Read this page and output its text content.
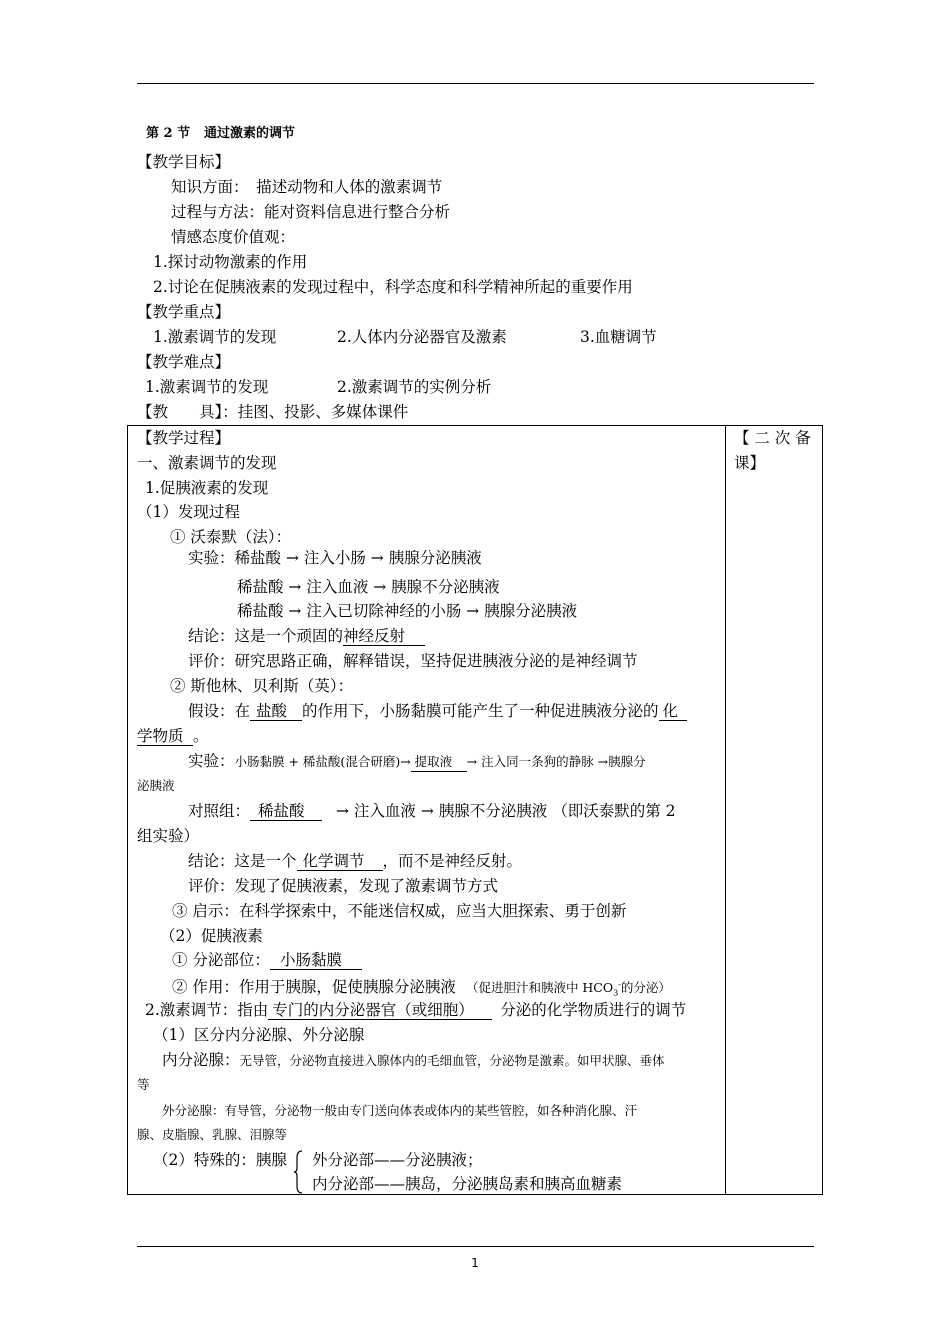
第 2 节 通过激素的调节
【教学目标】
知识方面：　描述动物和人体的激素调节
过程与方法：能对资料信息进行整合分析
情感态度价值观：
1.探讨动物激素的作用
2.讨论在促胰液素的发现过程中，科学态度和科学精神所起的重要作用
【教学重点】
1.激素调节的发现	2.人体内分泌器官及激素	3.血糖调节
【教学难点】
1.激素调节的发现	2.激素调节的实例分析
【教　　具】：挂图、投影、多媒体课件
【 二 次 备
课】
【教学过程】
一、激素调节的发现
1.促胰液素的发现
（1）发现过程
① 沃泰默（法）：
实验：稀盐酸 → 注入小肠 → 胰腺分泌胰液
稀盐酸 → 注入血液 → 胰腺不分泌胰液
稀盐酸 → 注入已切除神经的小肠 → 胰腺分泌胰液
结论：这是一个顽固的神经反射
评价：研究思路正确，解释错误，坚持促进胰液分泌的是神经调节
② 斯他林、贝利斯（英）：
假设：在 盐酸 的作用下，小肠黏膜可能产生了一种促进胰液分泌的 化
学物质 。
实验：小肠黏膜 + 稀盐酸(混合研磨)→ 提取液 → 注入同一条狗的静脉 →胰腺分
泌胰液
对照组： 稀盐酸 → 注入血液 → 胰腺不分泌胰液 （即沃泰默的第 2
组实验）
结论：这是一个 化学调节 ，而不是神经反射。
评价：发现了促胰液素，发现了激素调节方式
③ 启示：在科学探索中，不能迷信权威，应当大胆探索、勇于创新
（2）促胰液素
① 分泌部位： 小肠黏膜
② 作用：作用于胰腺，促使胰腺分泌胰液 （促进胆汁和胰液中 $HCO_3^-$的分泌）
2.激素调节：指由 专门的内分泌器官（或细胞） 分泌的化学物质进行的调节
（1）区分内分泌腺、外分泌腺
内分泌腺：无导管，分泌物直接进入腺体内的毛细血管，分泌物是激素。如甲状腺、垂体
等
外分泌腺：有导管，分泌物一般由专门送向体表或体内的某些管腔，如各种消化腺、汗
腺、皮脂腺、乳腺、泪腺等
（2）特殊的：胰腺 外分泌部——分泌胰液；
内分泌部——胰岛，分泌胰岛素和胰高血糖素
1
